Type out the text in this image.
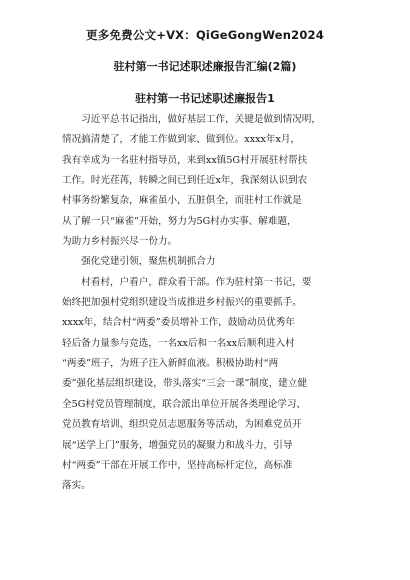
更多免费公文+VX：QiGeGongWen2024
驻村第一书记述职述廉报告汇编(2篇)
驻村第一书记述职述廉报告1
　　习近平总书记指出，做好基层工作，关键是做到情况明，
情况搞清楚了，才能工作做到家、做到位。xxxx年x月，
我有幸成为一名驻村指导员，来到xx镇5G村开展驻村帮扶
工作。时光荏苒，转瞬之间已到任近x年，我深刻认识到农
村事务纷繁复杂，麻雀虽小，五脏俱全，而驻村工作就是
从了解一只“麻雀”开始，努力为5G村办实事、解难题，
为助力乡村振兴尽一份力。
　　强化党建引领，聚焦机制抓合力
　　村看村，户看户，群众看干部。作为驻村第一书记，要
始终把加强村党组织建设当成推进乡村振兴的重要抓手。
xxxx年，结合村“两委”委员增补工作，鼓励动员优秀年
轻后备力量参与竞选，一名xx后和一名xx后顺利进入村
“两委”班子，为班子注入新鲜血液。积极协助村“两
委”强化基层组织建设，带头落实“三会一课”制度，建立健
全5G村党员管理制度，联合派出单位开展各类理论学习、
党员教育培训、组织党员志愿服务等活动，为困难党员开
展“送学上门”服务，增强党员的凝聚力和战斗力，引导
村“两委”干部在开展工作中，坚持高标杆定位，高标准
落实。
